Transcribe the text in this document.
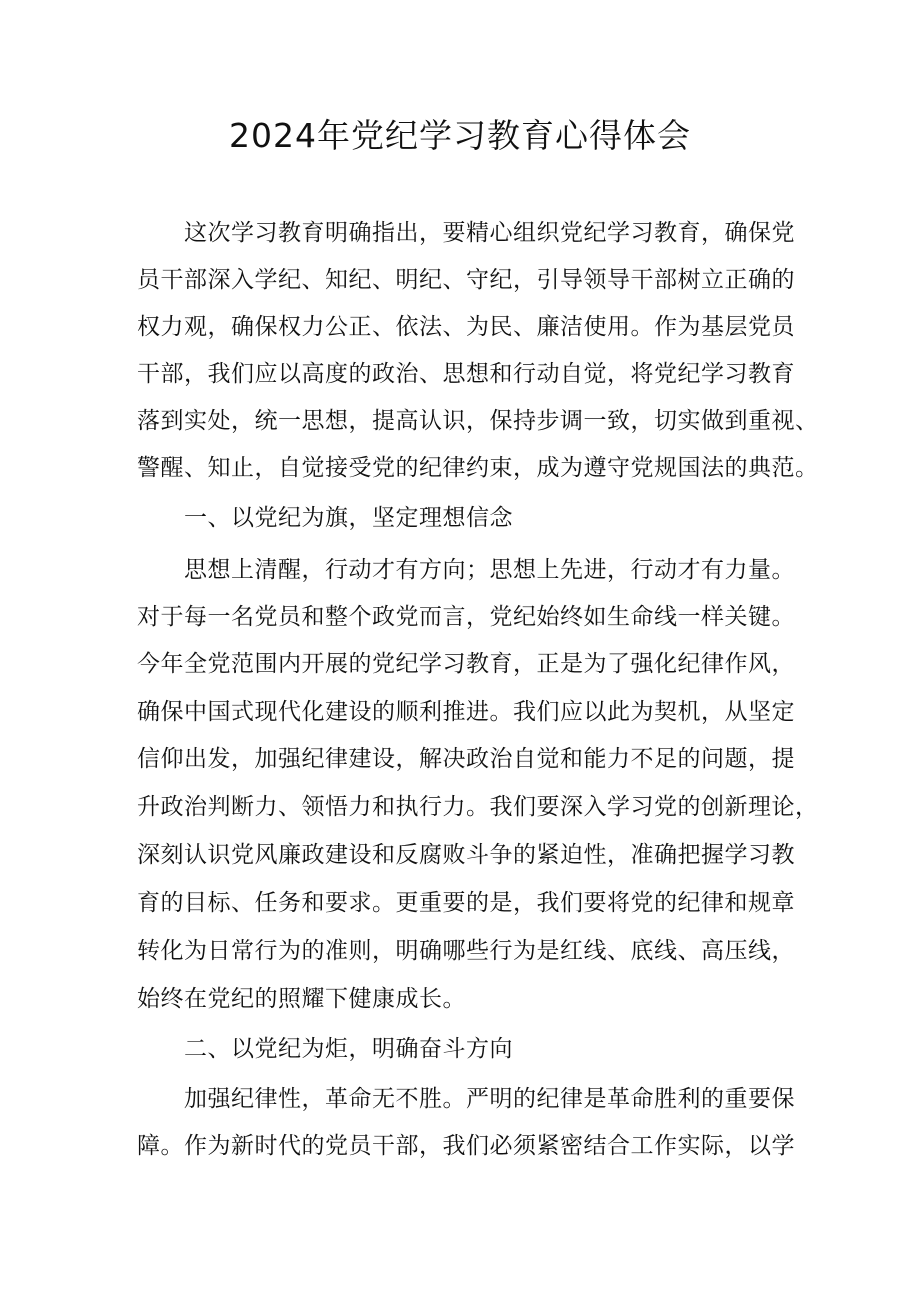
2024年党纪学习教育心得体会
这次学习教育明确指出，要精心组织党纪学习教育，确保党
员干部深入学纪、知纪、明纪、守纪，引导领导干部树立正确的
权力观，确保权力公正、依法、为民、廉洁使用。作为基层党员
干部，我们应以高度的政治、思想和行动自觉，将党纪学习教育
落到实处，统一思想，提高认识，保持步调一致，切实做到重视、
警醒、知止，自觉接受党的纪律约束，成为遵守党规国法的典范。
一、以党纪为旗，坚定理想信念
思想上清醒，行动才有方向；思想上先进，行动才有力量。
对于每一名党员和整个政党而言，党纪始终如生命线一样关键。
今年全党范围内开展的党纪学习教育，正是为了强化纪律作风，
确保中国式现代化建设的顺利推进。我们应以此为契机，从坚定
信仰出发，加强纪律建设，解决政治自觉和能力不足的问题，提
升政治判断力、领悟力和执行力。我们要深入学习党的创新理论，
深刻认识党风廉政建设和反腐败斗争的紧迫性，准确把握学习教
育的目标、任务和要求。更重要的是，我们要将党的纪律和规章
转化为日常行为的准则，明确哪些行为是红线、底线、高压线，
始终在党纪的照耀下健康成长。
二、以党纪为炬，明确奋斗方向
加强纪律性，革命无不胜。严明的纪律是革命胜利的重要保
障。作为新时代的党员干部，我们必须紧密结合工作实际，以学
